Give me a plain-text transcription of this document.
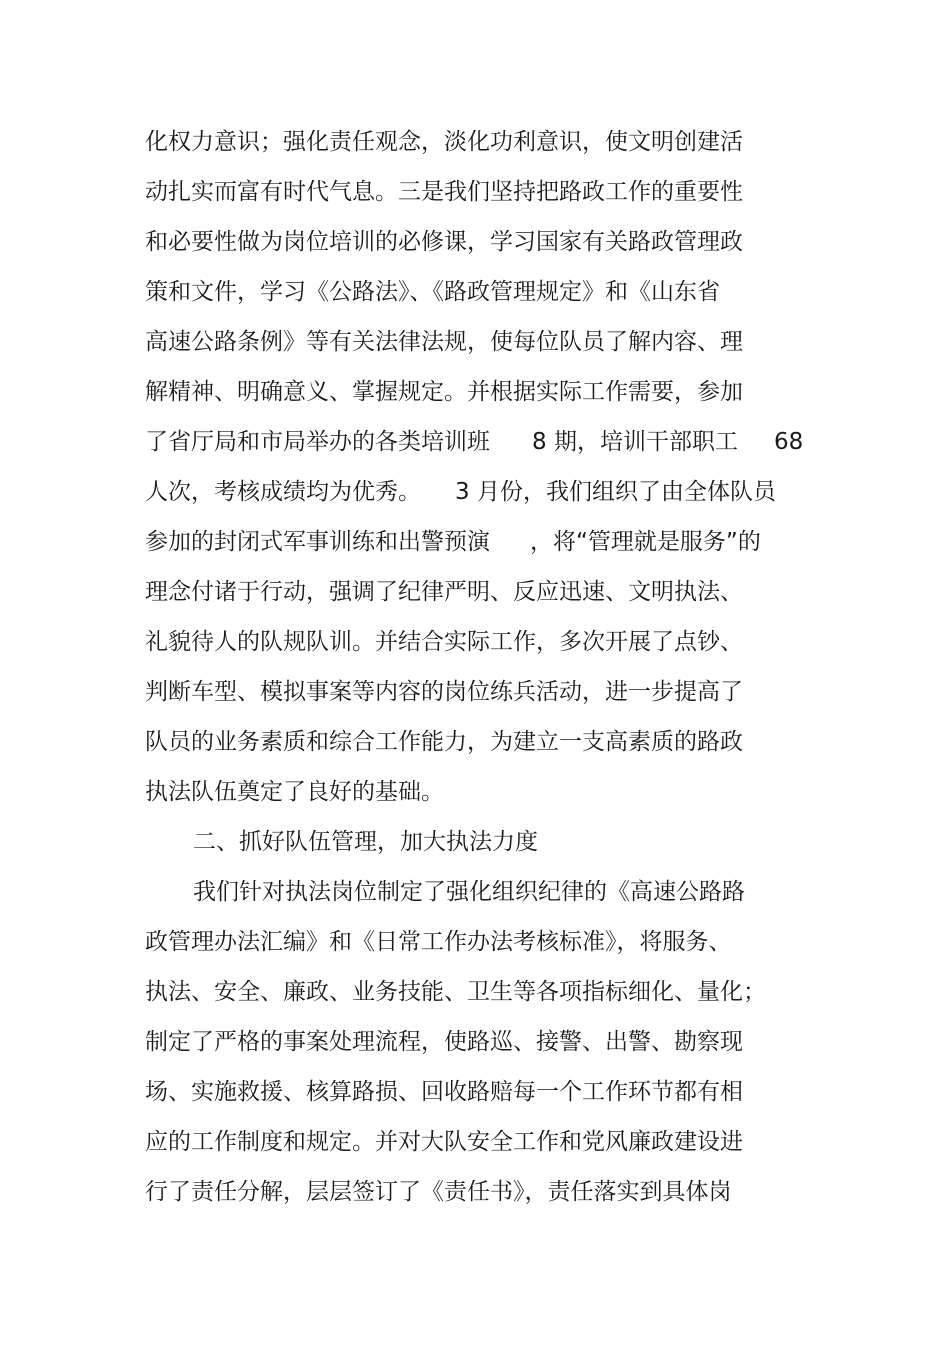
化权力意识；强化责任观念，淡化功利意识，使文明创建活
动扎实而富有时代气息。三是我们坚持把路政工作的重要性
和必要性做为岗位培训的必修课，学习国家有关路政管理政
策和文件，学习《公路法》、《路政管理规定》和《山东省
高速公路条例》等有关法律法规，使每位队员了解内容、理
解精神、明确意义、掌握规定。并根据实际工作需要，参加
了省厅局和市局举办的各类培训班 8 期，培训干部职工 68
人次，考核成绩均为优秀。 3 月份，我们组织了由全体队员
参加的封闭式军事训练和出警预演 ，将“管理就是服务”的
理念付诸于行动，强调了纪律严明、反应迅速、文明执法、
礼貌待人的队规队训。并结合实际工作，多次开展了点钞、
判断车型、模拟事案等内容的岗位练兵活动，进一步提高了
队员的业务素质和综合工作能力，为建立一支高素质的路政
执法队伍奠定了良好的基础。
二、抓好队伍管理，加大执法力度
我们针对执法岗位制定了强化组织纪律的《高速公路路
政管理办法汇编》和《日常工作办法考核标准》，将服务、
执法、安全、廉政、业务技能、卫生等各项指标细化、量化；
制定了严格的事案处理流程，使路巡、接警、出警、勘察现
场、实施救援、核算路损、回收路赔每一个工作环节都有相
应的工作制度和规定。并对大队安全工作和党风廉政建设进
行了责任分解，层层签订了《责任书》，责任落实到具体岗
